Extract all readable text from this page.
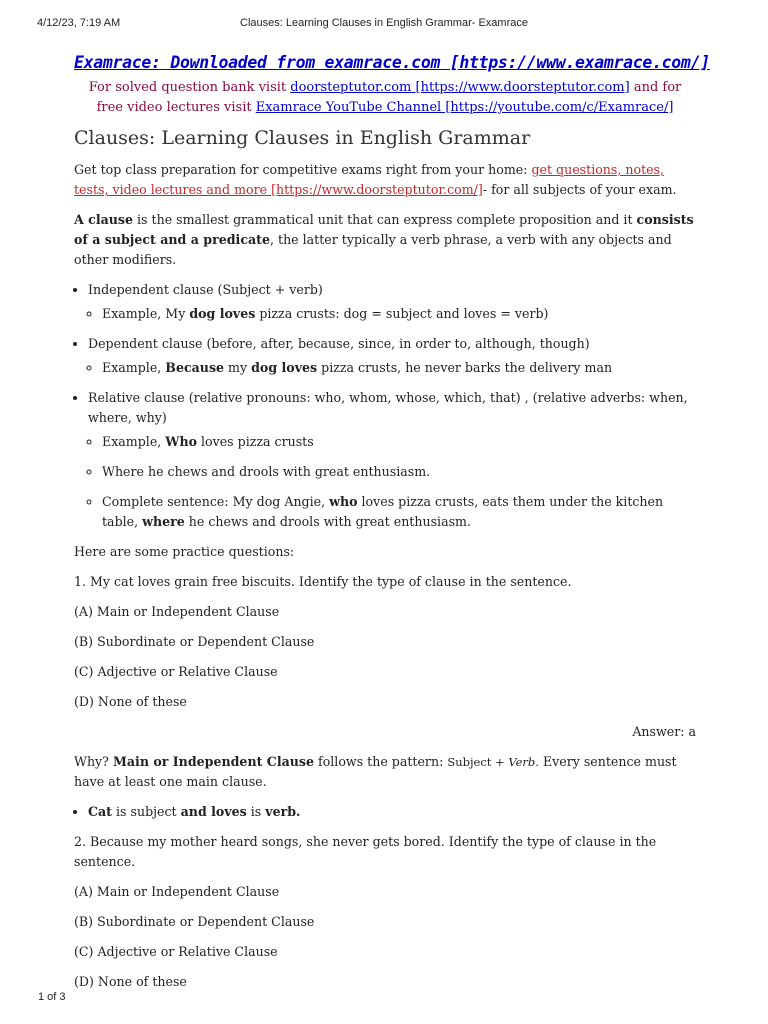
4/12/23, 7:19 AM	Clauses: Learning Clauses in English Grammar- Examrace
Examrace: Downloaded from examrace.com [https://www.examrace.com/]
For solved question bank visit doorsteptutor.com [https://www.doorsteptutor.com] and for free video lectures visit Examrace YouTube Channel [https://youtube.com/c/Examrace/]
Clauses: Learning Clauses in English Grammar

Get top class preparation for competitive exams right from your home: get questions, notes, tests, video lectures and more [https://www.doorsteptutor.com/]- for all subjects of your exam.

A clause is the smallest grammatical unit that can express complete proposition and it consists of a subject and a predicate, the latter typically a verb phrase, a verb with any objects and other modifiers.

• Independent clause (Subject + verb)
◦ Example, My dog loves pizza crusts: dog = subject and loves = verb)
• Dependent clause (before, after, because, since, in order to, although, though)
◦ Example, Because my dog loves pizza crusts, he never barks the delivery man
• Relative clause (relative pronouns: who, whom, whose, which, that) , (relative adverbs: when, where, why)
◦ Example, Who loves pizza crusts
◦ Where he chews and drools with great enthusiasm.
◦ Complete sentence: My dog Angie, who loves pizza crusts, eats them under the kitchen table, where he chews and drools with great enthusiasm.

Here are some practice questions:

1. My cat loves grain free biscuits. Identify the type of clause in the sentence.

(A) Main or Independent Clause

(B) Subordinate or Dependent Clause

(C) Adjective or Relative Clause

(D) None of these

Answer: a

Why? Main or Independent Clause follows the pattern: Subject + Verb. Every sentence must have at least one main clause.

• Cat is subject and loves is verb.

2. Because my mother heard songs, she never gets bored. Identify the type of clause in the sentence.

(A) Main or Independent Clause

(B) Subordinate or Dependent Clause

(C) Adjective or Relative Clause

(D) None of these

1 of 3
